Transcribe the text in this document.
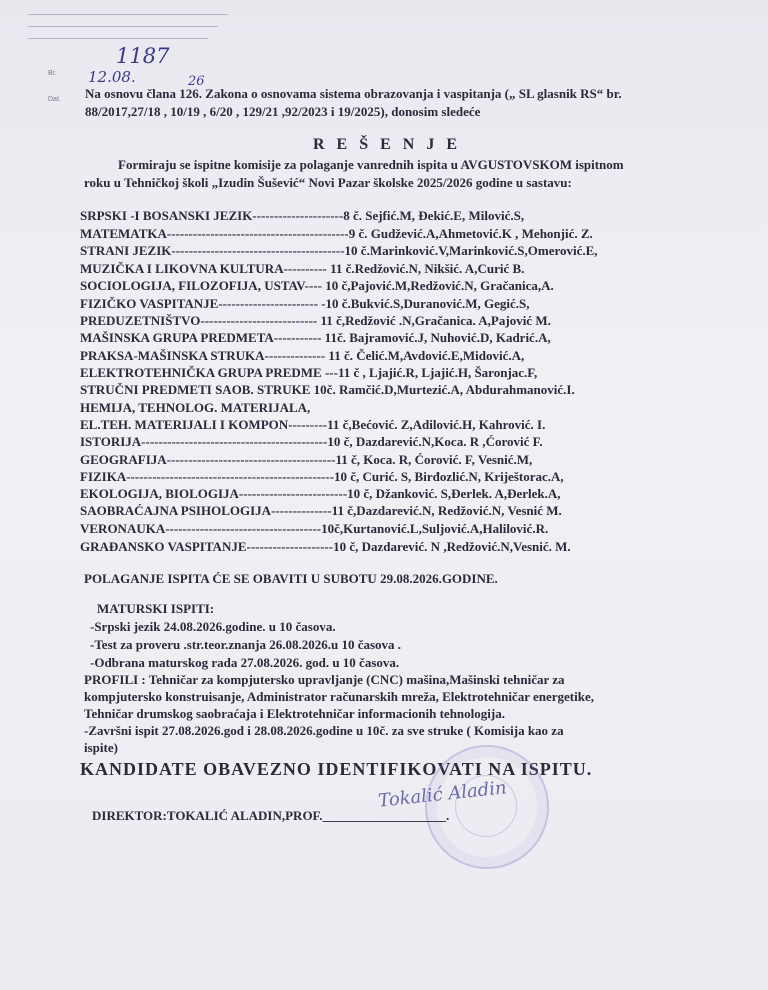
Br.
Dat.
1187
12.08.	26
Na osnovu člana 126. Zakona o osnovama sistema obrazovanja i vaspitanja („ SL glasnik RS“ br.
88/2017,27/18 , 10/19 , 6/20 , 129/21 ,92/2023 i 19/2025), donosim sledeće
R E Š E N J E
Formiraju se ispitne komisije za polaganje vanrednih ispita u AVGUSTOVSKOM ispitnom
roku u Tehničkoj školi „Izudin Šušević“ Novi Pazar školske 2025/2026 godine u sastavu:
SRPSKI -I BOSANSKI JEZIK---------------------8 č. Sejfić.M, Đekić.E, Milović.S,
MATEMATKA------------------------------------------9 č. Gudžević.A,Ahmetović.K , Mehonjić. Z.
STRANI JEZIK----------------------------------------10 č.Marinković.V,Marinković.S,Omerović.E,
MUZIČKA I LIKOVNA KULTURA---------- 11 č.Redžović.N, Nikšić. A,Curić B.
SOCIOLOGIJA, FILOZOFIJA, USTAV---- 10 č,Pajović.M,Redžović.N, Gračanica,A.
FIZIČKO VASPITANJE----------------------- -10 č.Bukvić.S,Duranović.M, Gegić.S,
PREDUZETNIŠTVO--------------------------- 11 č,Redžović .N,Gračanica. A,Pajović M.
MAŠINSKA GRUPA PREDMETA----------- 11č. Bajramović.J, Nuhović.D, Kadrić.A,
PRAKSA-MAŠINSKA STRUKA-------------- 11 č. Čelić.M,Avdović.E,Midović.A,
ELEKTROTEHNIČKA GRUPA PREDME ---11 č , Ljajić.R, Ljajić.H, Šaronjac.F,
STRUČNI PREDMETI SAOB. STRUKE 10č. Ramčić.D,Murtezić.A, Abdurahmanović.I.
HEMIJA, TEHNOLOG. MATERIJALA,
EL.TEH. MATERIJALI I KOMPON---------11 č,Bećović. Z,Adilović.H, Kahrović. I.
ISTORIJA-------------------------------------------10 č, Dazdarević.N,Koca. R ,Ćorović F.
GEOGRAFIJA---------------------------------------11 č, Koca. R, Ćorović. F, Vesnić.M,
FIZIKA------------------------------------------------10 č, Curić. S, Birđozlić.N, Kriještorac.A,
EKOLOGIJA, BIOLOGIJA-------------------------10 č, Džanković. S,Đerlek. A,Đerlek.A,
SAOBRAĆAJNA PSIHOLOGIJA--------------11 č,Dazdarević.N, Redžović.N, Vesnić M.
VERONAUKA------------------------------------10č,Kurtanović.L,Suljović.A,Halilović.R.
GRAĐANSKO VASPITANJE--------------------10 č, Dazdarević. N ,Redžović.N,Vesnić. M.
POLAGANJE ISPITA ĆE SE OBAVITI U SUBOTU 29.08.2026.GODINE.
MATURSKI ISPITI:
-Srpski jezik 24.08.2026.godine. u 10 časova.
-Test za proveru .str.teor.znanja 26.08.2026.u 10 časova .
-Odbrana maturskog rada 27.08.2026. god. u 10 časova.
PROFILI : Tehničar za kompjutersko upravljanje (CNC) mašina,Mašinski tehničar za
kompjutersko konstruisanje, Administrator računarskih mreža, Elektrotehničar energetike,
Tehničar drumskog saobraćaja i Elektrotehničar informacionih tehnologija.
-Završni ispit 27.08.2026.god i 28.08.2026.godine u 10č. za sve struke ( Komisija kao za
ispite)
KANDIDATE OBAVEZNO IDENTIFIKOVATI NA ISPITU.
Tokalić Aladin
DIREKTOR:TOKALIĆ ALADIN,PROF.___________________.
